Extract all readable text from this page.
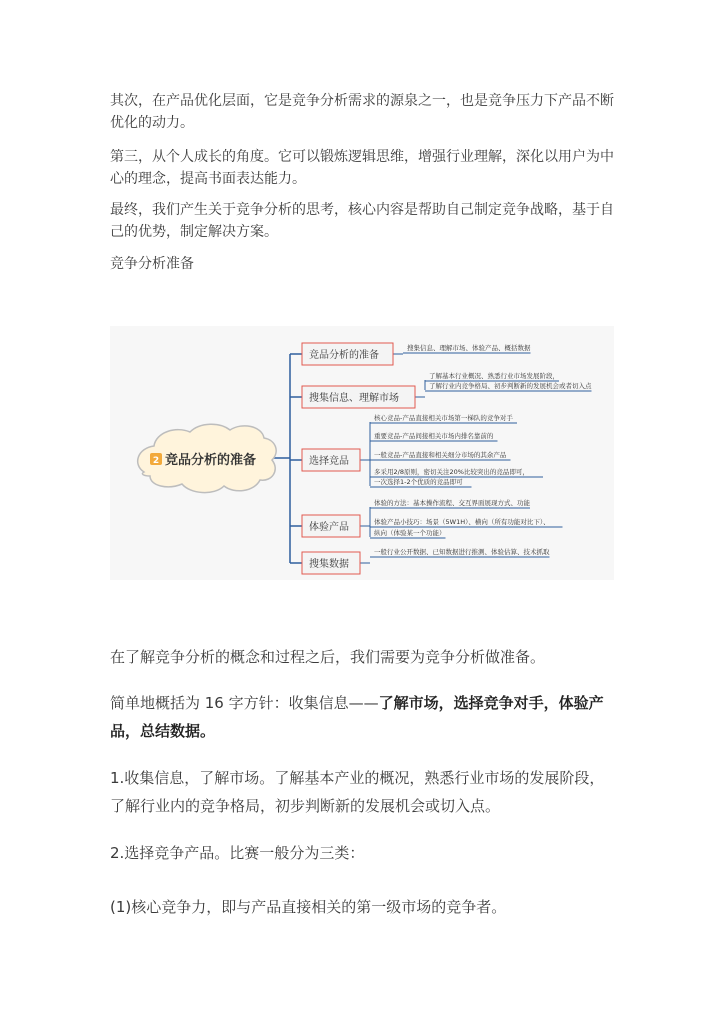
其次，在产品优化层面，它是竞争分析需求的源泉之一，也是竞争压力下产品不断优化的动力。

第三，从个人成长的角度。它可以锻炼逻辑思维，增强行业理解，深化以用户为中心的理念，提高书面表达能力。

最终，我们产生关于竞争分析的思考，核心内容是帮助自己制定竞争战略，基于自己的优势，制定解决方案。

竞争分析准备

2 竞品分析的准备
竞品分析的准备
搜集信息、理解市场
选择竞品
体验产品
搜集数据
搜集信息、理解市场、体验产品、概括数据
了解基本行业概况、熟悉行业市场发展阶段，
了解行业内竞争格局、初步判断新的发展机会或者切入点
核心竞品-产品直接相关市场第一梯队的竞争对手
重要竞品-产品间接相关市场内排名靠前的
一般竞品-产品直接和相关细分市场的其余产品
多采用2/8原则，密切关注20%比较突出的竞品即可，
一次选择1-2个优质的竞品即可
体验的方法：基本操作流程、交互界面展现方式、功能
体验产品小技巧：场景（5W1H）、横向（所有功能对比下）、
纵向（体验某一个功能）
一般行业公开数据、已知数据进行推测、体验估算、技术抓取

在了解竞争分析的概念和过程之后，我们需要为竞争分析做准备。

简单地概括为 16 字方针：收集信息——了解市场，选择竞争对手，体验产品，总结数据。

1.收集信息，了解市场。了解基本产业的概况，熟悉行业市场的发展阶段，了解行业内的竞争格局，初步判断新的发展机会或切入点。

2.选择竞争产品。比赛一般分为三类：

(1)核心竞争力，即与产品直接相关的第一级市场的竞争者。
